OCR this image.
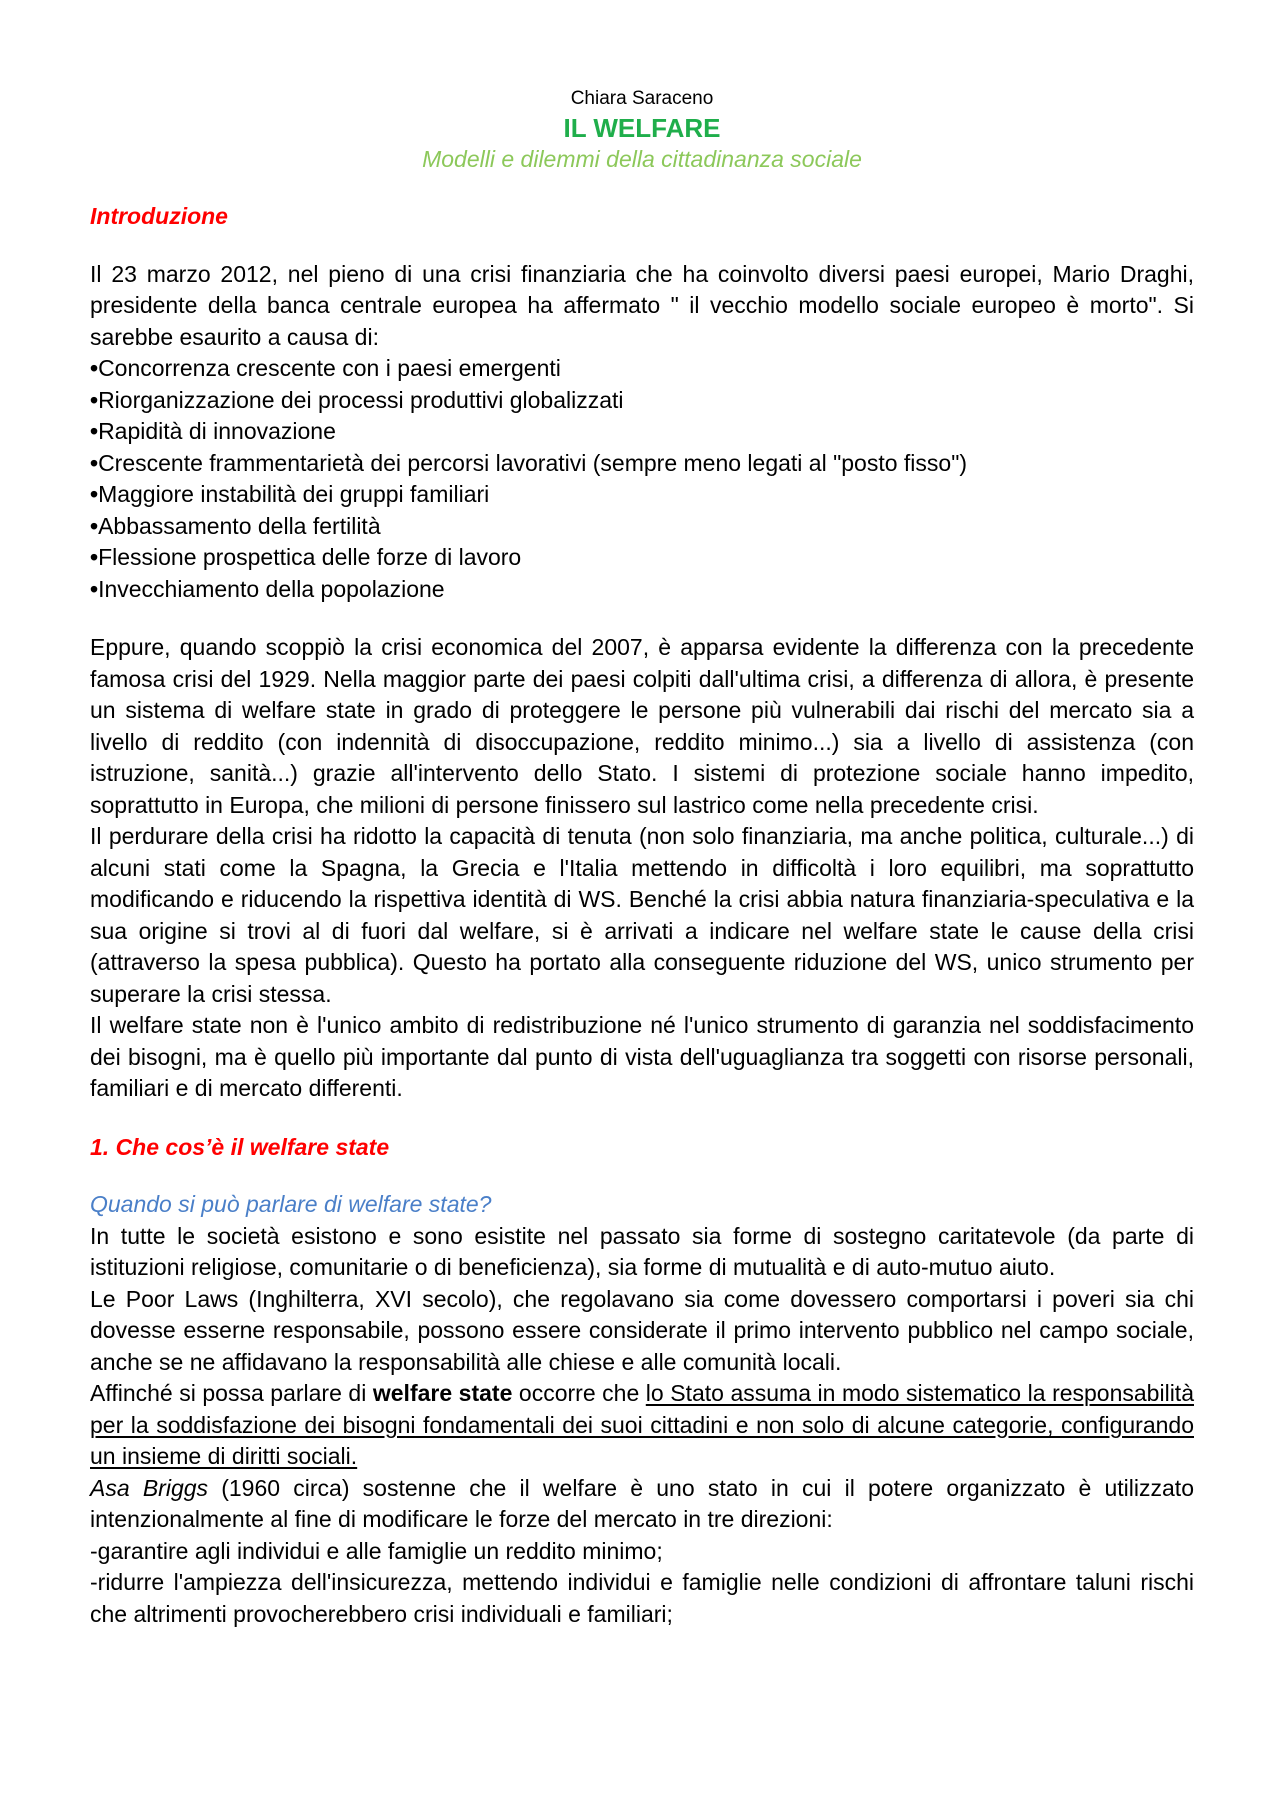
Chiara Saraceno
IL WELFARE
Modelli e dilemmi della cittadinanza sociale
Introduzione

Il 23 marzo 2012, nel pieno di una crisi finanziaria che ha coinvolto diversi paesi europei, Mario Draghi, presidente della banca centrale europea ha affermato " il vecchio modello sociale europeo è morto". Si sarebbe esaurito a causa di:

•Concorrenza crescente con i paesi emergenti
•Riorganizzazione dei processi produttivi globalizzati
•Rapidità di innovazione
•Crescente frammentarietà dei percorsi lavorativi (sempre meno legati al "posto fisso")
•Maggiore instabilità dei gruppi familiari
•Abbassamento della fertilità
•Flessione prospettica delle forze di lavoro
•Invecchiamento della popolazione

Eppure, quando scoppiò la crisi economica del 2007, è apparsa evidente la differenza con la precedente famosa crisi del 1929. Nella maggior parte dei paesi colpiti dall'ultima crisi, a differenza di allora, è presente un sistema di welfare state in grado di proteggere le persone più vulnerabili dai rischi del mercato sia a livello di reddito (con indennità di disoccupazione, reddito minimo...) sia a livello di assistenza (con istruzione, sanità...) grazie all'intervento dello Stato. I sistemi di protezione sociale hanno impedito, soprattutto in Europa, che milioni di persone finissero sul lastrico come nella precedente crisi.

Il perdurare della crisi ha ridotto la capacità di tenuta (non solo finanziaria, ma anche politica, culturale...) di alcuni stati come la Spagna, la Grecia e l'Italia mettendo in difficoltà i loro equilibri, ma soprattutto modificando e riducendo la rispettiva identità di WS. Benché la crisi abbia natura finanziaria-speculativa e la sua origine si trovi al di fuori dal welfare, si è arrivati a indicare nel welfare state le cause della crisi (attraverso la spesa pubblica). Questo ha portato alla conseguente riduzione del WS, unico strumento per superare la crisi stessa.

Il welfare state non è l'unico ambito di redistribuzione né l'unico strumento di garanzia nel soddisfacimento dei bisogni, ma è quello più importante dal punto di vista dell'uguaglianza tra soggetti con risorse personali, familiari e di mercato differenti.

1. Che cos’è il welfare state
Quando si può parlare di welfare state?

In tutte le società esistono e sono esistite nel passato sia forme di sostegno caritatevole (da parte di istituzioni religiose, comunitarie o di beneficienza), sia forme di mutualità e di auto-mutuo aiuto.

Le Poor Laws (Inghilterra, XVI secolo), che regolavano sia come dovessero comportarsi i poveri sia chi dovesse esserne responsabile, possono essere considerate il primo intervento pubblico nel campo sociale, anche se ne affidavano la responsabilità alle chiese e alle comunità locali.

Affinché si possa parlare di welfare state occorre che lo Stato assuma in modo sistematico la responsabilità per la soddisfazione dei bisogni fondamentali dei suoi cittadini e non solo di alcune categorie, configurando un insieme di diritti sociali.

Asa Briggs (1960 circa) sostenne che il welfare è uno stato in cui il potere organizzato è utilizzato intenzionalmente al fine di modificare le forze del mercato in tre direzioni:

-garantire agli individui e alle famiglie un reddito minimo;

-ridurre l'ampiezza dell'insicurezza, mettendo individui e famiglie nelle condizioni di affrontare taluni rischi che altrimenti provocherebbero crisi individuali e familiari;
